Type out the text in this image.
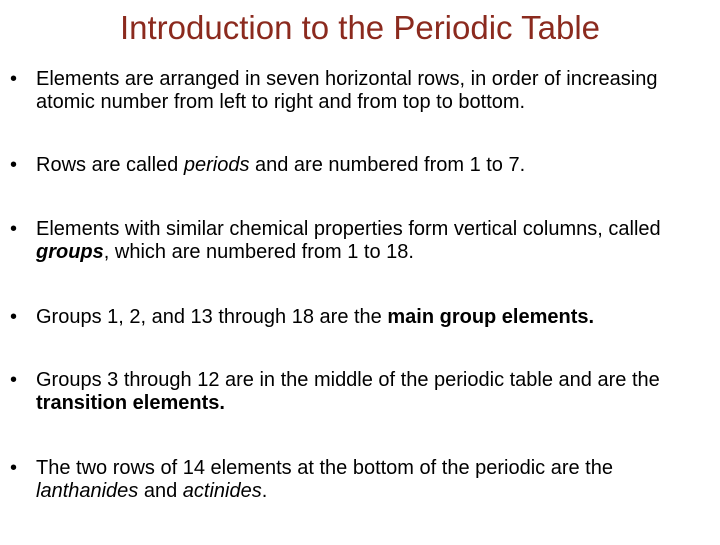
Introduction to the Periodic Table
• Elements are arranged in seven horizontal rows, in order of increasing atomic number from left to right and from top to bottom.
• Rows are called periods and are numbered from 1 to 7.
• Elements with similar chemical properties form vertical columns, called groups, which are numbered from 1 to 18.
• Groups 1, 2, and 13 through 18 are the main group elements.
• Groups 3 through 12 are in the middle of the periodic table and are the transition elements.
• The two rows of 14 elements at the bottom of the periodic are the lanthanides and actinides.
